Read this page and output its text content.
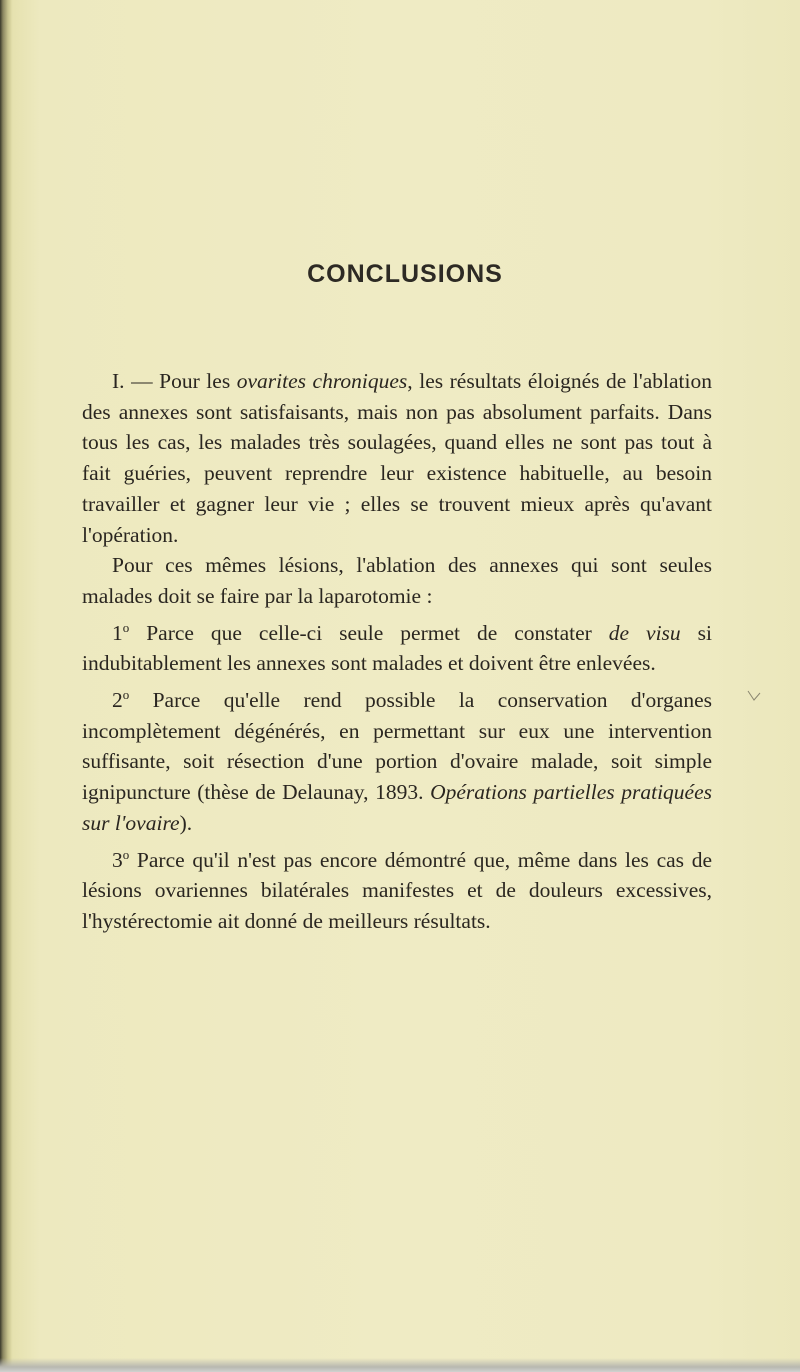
CONCLUSIONS

I. — Pour les ovarites chroniques, les résultats éloignés de l'ablation des annexes sont satisfaisants, mais non pas absolument parfaits. Dans tous les cas, les malades très soulagées, quand elles ne sont pas tout à fait guéries, peuvent reprendre leur existence habituelle, au besoin travailler et gagner leur vie ; elles se trouvent mieux après qu'avant l'opération.

Pour ces mêmes lésions, l'ablation des annexes qui sont seules malades doit se faire par la laparotomie :

1$^o$ Parce que celle-ci seule permet de constater de visu si indubitablement les annexes sont malades et doivent être enlevées.

2$^o$ Parce qu'elle rend possible la conservation d'organes incomplètement dégénérés, en permettant sur eux une intervention suffisante, soit résection d'une portion d'ovaire malade, soit simple ignipuncture (thèse de Delaunay, 1893. Opérations partielles pratiquées sur l'ovaire).

3$^o$ Parce qu'il n'est pas encore démontré que, même dans les cas de lésions ovariennes bilatérales manifestes et de douleurs excessives, l'hystérectomie ait donné de meilleurs résultats.
